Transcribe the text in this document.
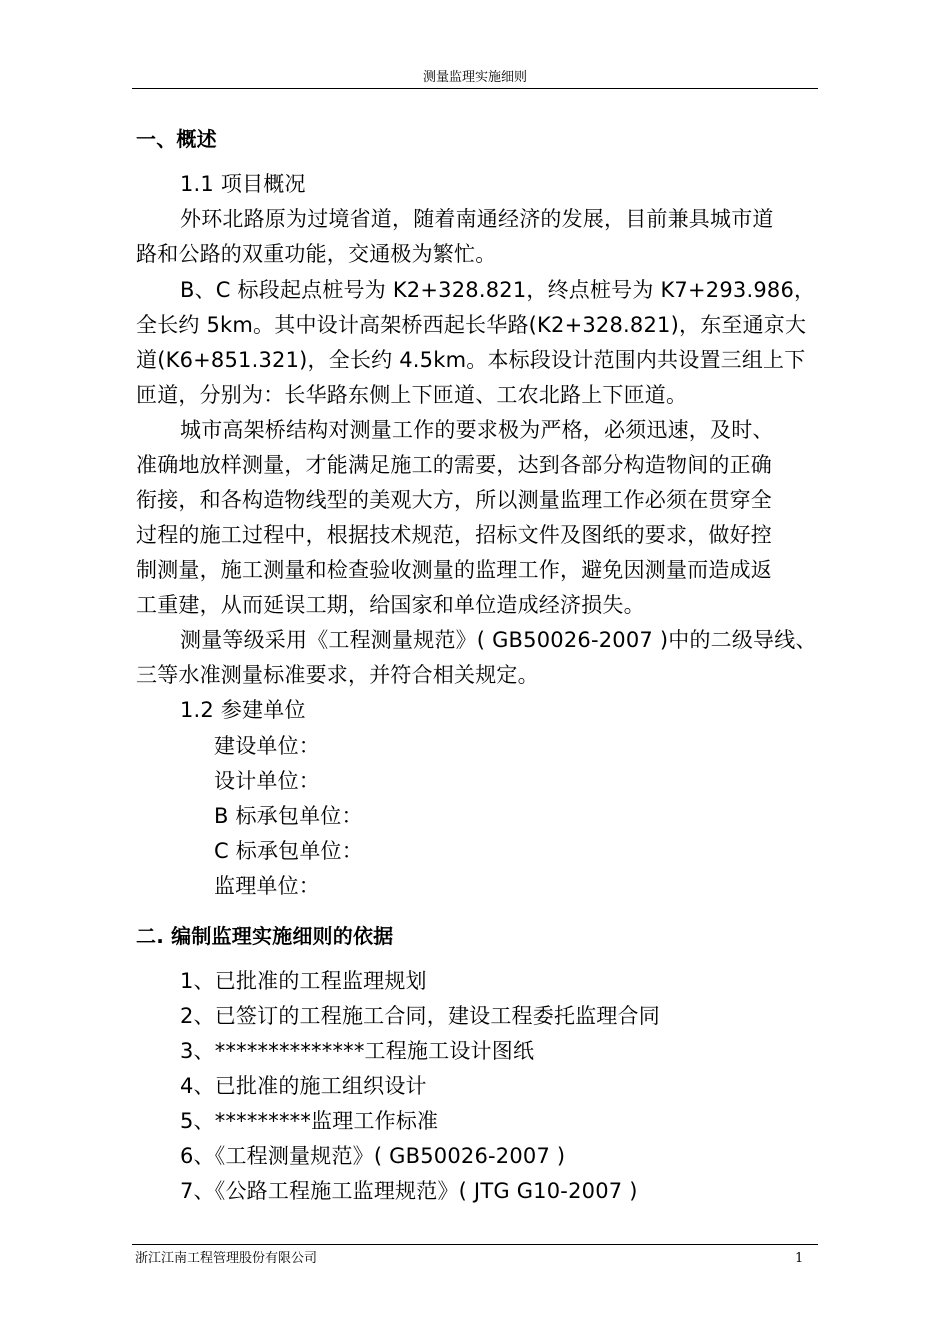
测量监理实施细则
一、概述
1.1 项目概况
外环北路原为过境省道，随着南通经济的发展，目前兼具城市道
路和公路的双重功能，交通极为繁忙。
B、C 标段起点桩号为 K2+328.821，终点桩号为 K7+293.986，
全长约 5km。其中设计高架桥西起长华路(K2+328.821)，东至通京大
道(K6+851.321)，全长约 4.5km。本标段设计范围内共设置三组上下
匝道，分别为：长华路东侧上下匝道、工农北路上下匝道。
城市高架桥结构对测量工作的要求极为严格，必须迅速，及时、
准确地放样测量，才能满足施工的需要，达到各部分构造物间的正确
衔接，和各构造物线型的美观大方，所以测量监理工作必须在贯穿全
过程的施工过程中，根据技术规范，招标文件及图纸的要求，做好控
制测量，施工测量和检查验收测量的监理工作，避免因测量而造成返
工重建，从而延误工期，给国家和单位造成经济损失。
测量等级采用《工程测量规范》( GB50026-2007 )中的二级导线、
三等水准测量标准要求，并符合相关规定。
1.2 参建单位
建设单位：
设计单位：
B 标承包单位：
C 标承包单位：
监理单位：
二. 编制监理实施细则的依据
1、已批准的工程监理规划
2、已签订的工程施工合同，建设工程委托监理合同
3、**************工程施工设计图纸
4、已批准的施工组织设计
5、*********监理工作标准
6、《工程测量规范》( GB50026-2007 )
7、《公路工程施工监理规范》( JTG G10-2007 )
浙江江南工程管理股份有限公司	1
